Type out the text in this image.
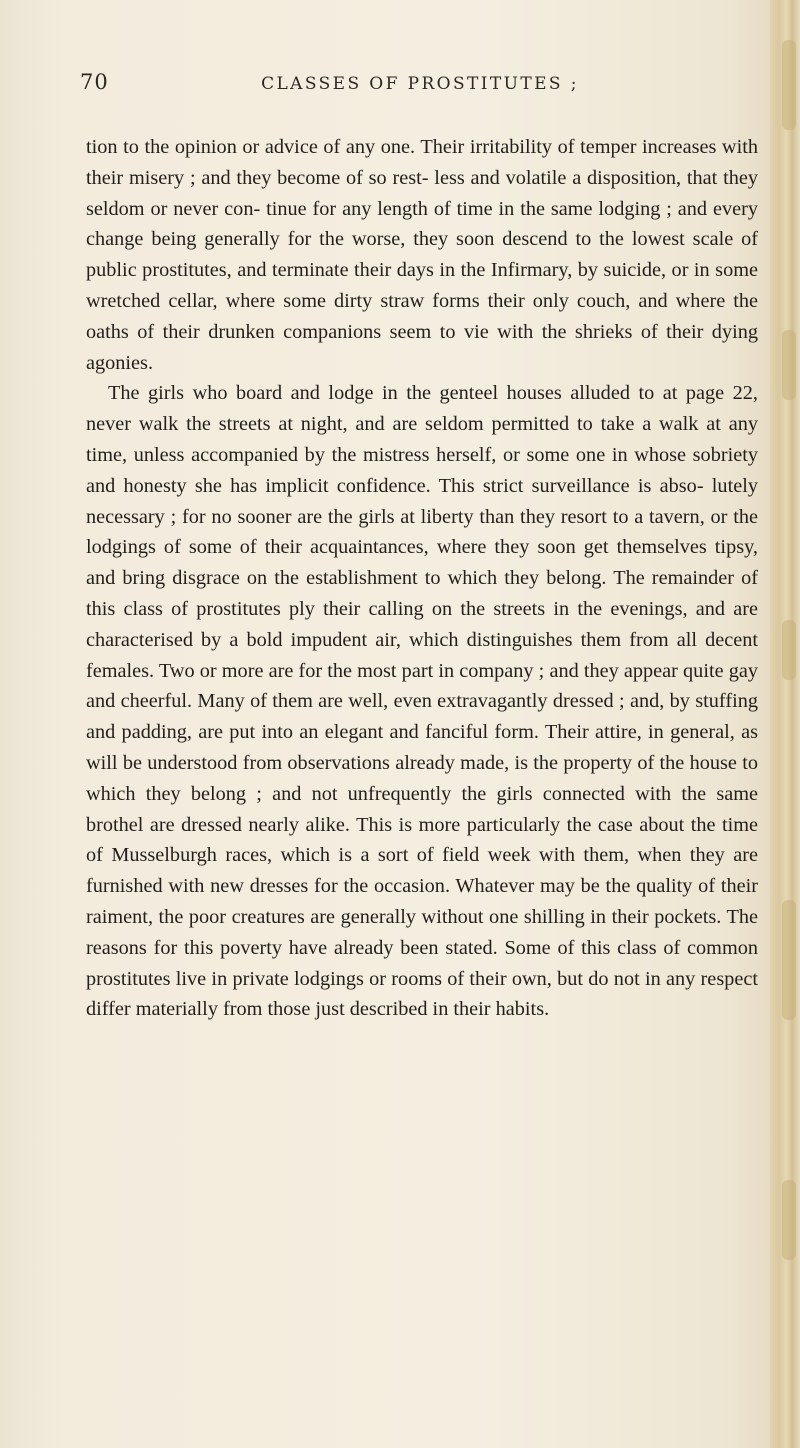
70	CLASSES OF PROSTITUTES ;

tion to the opinion or advice of any one. Their irritability of temper increases with their misery ; and they become of so rest- less and volatile a disposition, that they seldom or never con- tinue for any length of time in the same lodging ; and every change being generally for the worse, they soon descend to the lowest scale of public prostitutes, and terminate their days in the Infirmary, by suicide, or in some wretched cellar, where some dirty straw forms their only couch, and where the oaths of their drunken companions seem to vie with the shrieks of their dying agonies.

The girls who board and lodge in the genteel houses alluded to at page 22, never walk the streets at night, and are seldom permitted to take a walk at any time, unless accompanied by the mistress herself, or some one in whose sobriety and honesty she has implicit confidence. This strict surveillance is abso- lutely necessary ; for no sooner are the girls at liberty than they resort to a tavern, or the lodgings of some of their acquaintances, where they soon get themselves tipsy, and bring disgrace on the establishment to which they belong. The remainder of this class of prostitutes ply their calling on the streets in the evenings, and are characterised by a bold impudent air, which distinguishes them from all decent females. Two or more are for the most part in company ; and they appear quite gay and cheerful. Many of them are well, even extravagantly dressed ; and, by stuffing and padding, are put into an elegant and fanciful form. Their attire, in general, as will be understood from observations already made, is the property of the house to which they belong ; and not unfrequently the girls connected with the same brothel are dressed nearly alike. This is more particularly the case about the time of Musselburgh races, which is a sort of field week with them, when they are furnished with new dresses for the occasion. Whatever may be the quality of their raiment, the poor creatures are generally without one shilling in their pockets. The reasons for this poverty have already been stated. Some of this class of common prostitutes live in private lodgings or rooms of their own, but do not in any respect differ materially from those just described in their habits.
